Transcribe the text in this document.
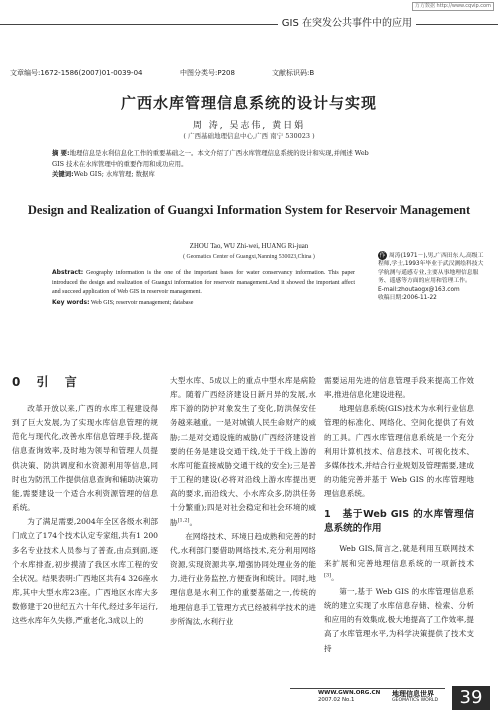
万方数据 http://www.cqvip.com
GIS 在突发公共事件中的应用
文章编号:1672-1586(2007)01-0039-04	中图分类号:P208	文献标识码:B
广西水库管理信息系统的设计与实现
周 涛, 吴志伟, 黄日娟
( 广西基础地理信息中心,广西 南宁 530023 )
摘 要:地理信息是水利信息化工作的重要基础之一。本文介绍了广西水库管理信息系统的设计和实现,并阐述 Web GIS 技术在水库管理中的重要作用和成功应用。
关键词:Web GIS; 水库管理; 数据库
Design and Realization of Guangxi Information System for Reservoir Management
ZHOU Tao, WU Zhi-wei, HUANG Ri-juan
( Geomatics Center of Guangxi,Nanning 530023,China )
Abstract: Geography information is the one of the important bases for water conservancy information. This paper introduced the design and realization of Guangxi information for reservoir management.And it showed the important affect and succeed application of Web GIS in reservoir management.
Key words: Web GIS; reservoir management; database
作 周涛(1971－),男,广西田东人,高级工程师,学士,1993年毕业于武汉测绘科技大学航测与遥感专业,主要从事地理信息服务、遥感等方面的应用和管理工作。
E-mail:zhoutaogx@163.com
收稿日期:2006-11-22
0 引 言

改革开放以来,广西的水库工程建设得到了巨大发展,为了实现水库信息管理的规范化与现代化,改善水库信息管理手段,提高信息查询效率,及时地为领导和管理人员提供决策、防洪调度和水资源利用等信息,同时也为防汛工作提供信息查询和辅助决策功能,需要建设一个适合水利资源管理的信息系统。

为了满足需要,2004年全区各级水利部门成立了174个技术认定专家组,共有1 200多名专业技术人员参与了普查,由点到面,逐个水库排查,初步摸清了我区水库工程的安全状况。结果表明:广西地区共有4 326座水库,其中大型水库23座。广西地区水库大多数修建于20世纪五六十年代,经过多年运行,这些水库年久失修,严重老化,3成以上的

大型水库、5成以上的重点中型水库是病险库。随着广西经济建设日新月异的发展,水库下游的防护对象发生了变化,防洪保安任务越来越重。一是对城镇人民生命财产的威胁;二是对交通设施的威胁(广西经济建设首要的任务是建设交通干线,处于干线上游的水库可能直接威胁交通干线的安全);三是普于工程的建设(必将对沿线上游水库提出更高的要求,而沿线大、小水库众多,防洪任务十分繁重);四是对社会稳定和社会环境的威胁[1,2]。

在网络技术、环境日趋成熟和完善的时代,水利部门要借助网络技术,充分利用网络资源,实现资源共享,增强协同处理业务的能力,进行业务监控,方便查询和统计。同时,地理信息是水利工作的重要基础之一,传统的地理信息手工管理方式已经被科学技术的进步所淘汰,水利行业

需要运用先进的信息管理手段来提高工作效率,推进信息化建设进程。

地理信息系统(GIS)技术为水利行业信息管理的标准化、网络化、空间化提供了有效的工具。广西水库管理信息系统是一个充分利用计算机技术、信息技术、可视化技术、多媒体技术,并结合行业规划及管理需要,建成的功能完善并基于 Web GIS 的水库管理地理信息系统。

1 基于Web GIS 的水库管理信息系统的作用

Web GIS,简言之,就是利用互联网技术来扩展和完善地理信息系统的一项新技术[3]。

第一,基于 Web GIS 的水库管理信息系统的建立实现了水库信息存储、检索、分析和应用的有效集成,极大地提高了工作效率,提高了水库管理水平,为科学决策提供了技术支持

WWW.GWN.ORG.CN
2007.02 No.1
地理信息世界
GEOMATICS WORLD	39
